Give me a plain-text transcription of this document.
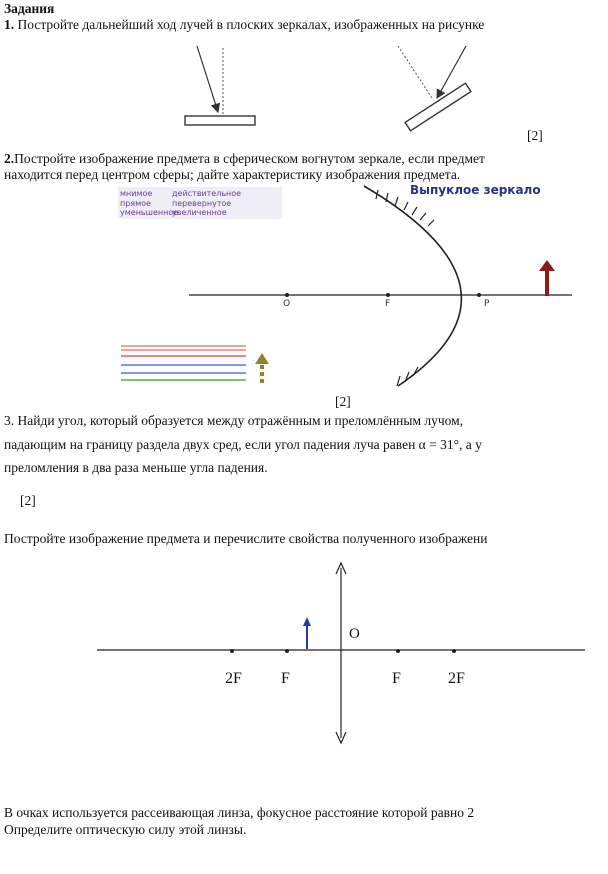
Задания
1. Постройте дальнейший ход лучей в плоских зеркалах, изображенных на рисунке
[2]
2.Постройте изображение предмета в сферическом вогнутом зеркале, если предмет
находится перед центром сферы; дайте характеристику изображения предмета.
Выпуклое зеркало
мнимое действительное
прямое	перевернутое
уменьшенноеувеличенное
O	F	P
[2]
3. Найди угол, который образуется между отражённым и преломлённым лучом,
падающим на границу раздела двух сред, если угол падения луча равен α = 31°, а у
преломления в два раза меньше угла падения.
[2]
Постройте изображение предмета и перечислите свойства полученного изображени
O
2F F	F	2F
В очках используется рассеивающая линза, фокусное расстояние которой равно 2
Определите оптическую силу этой линзы.
